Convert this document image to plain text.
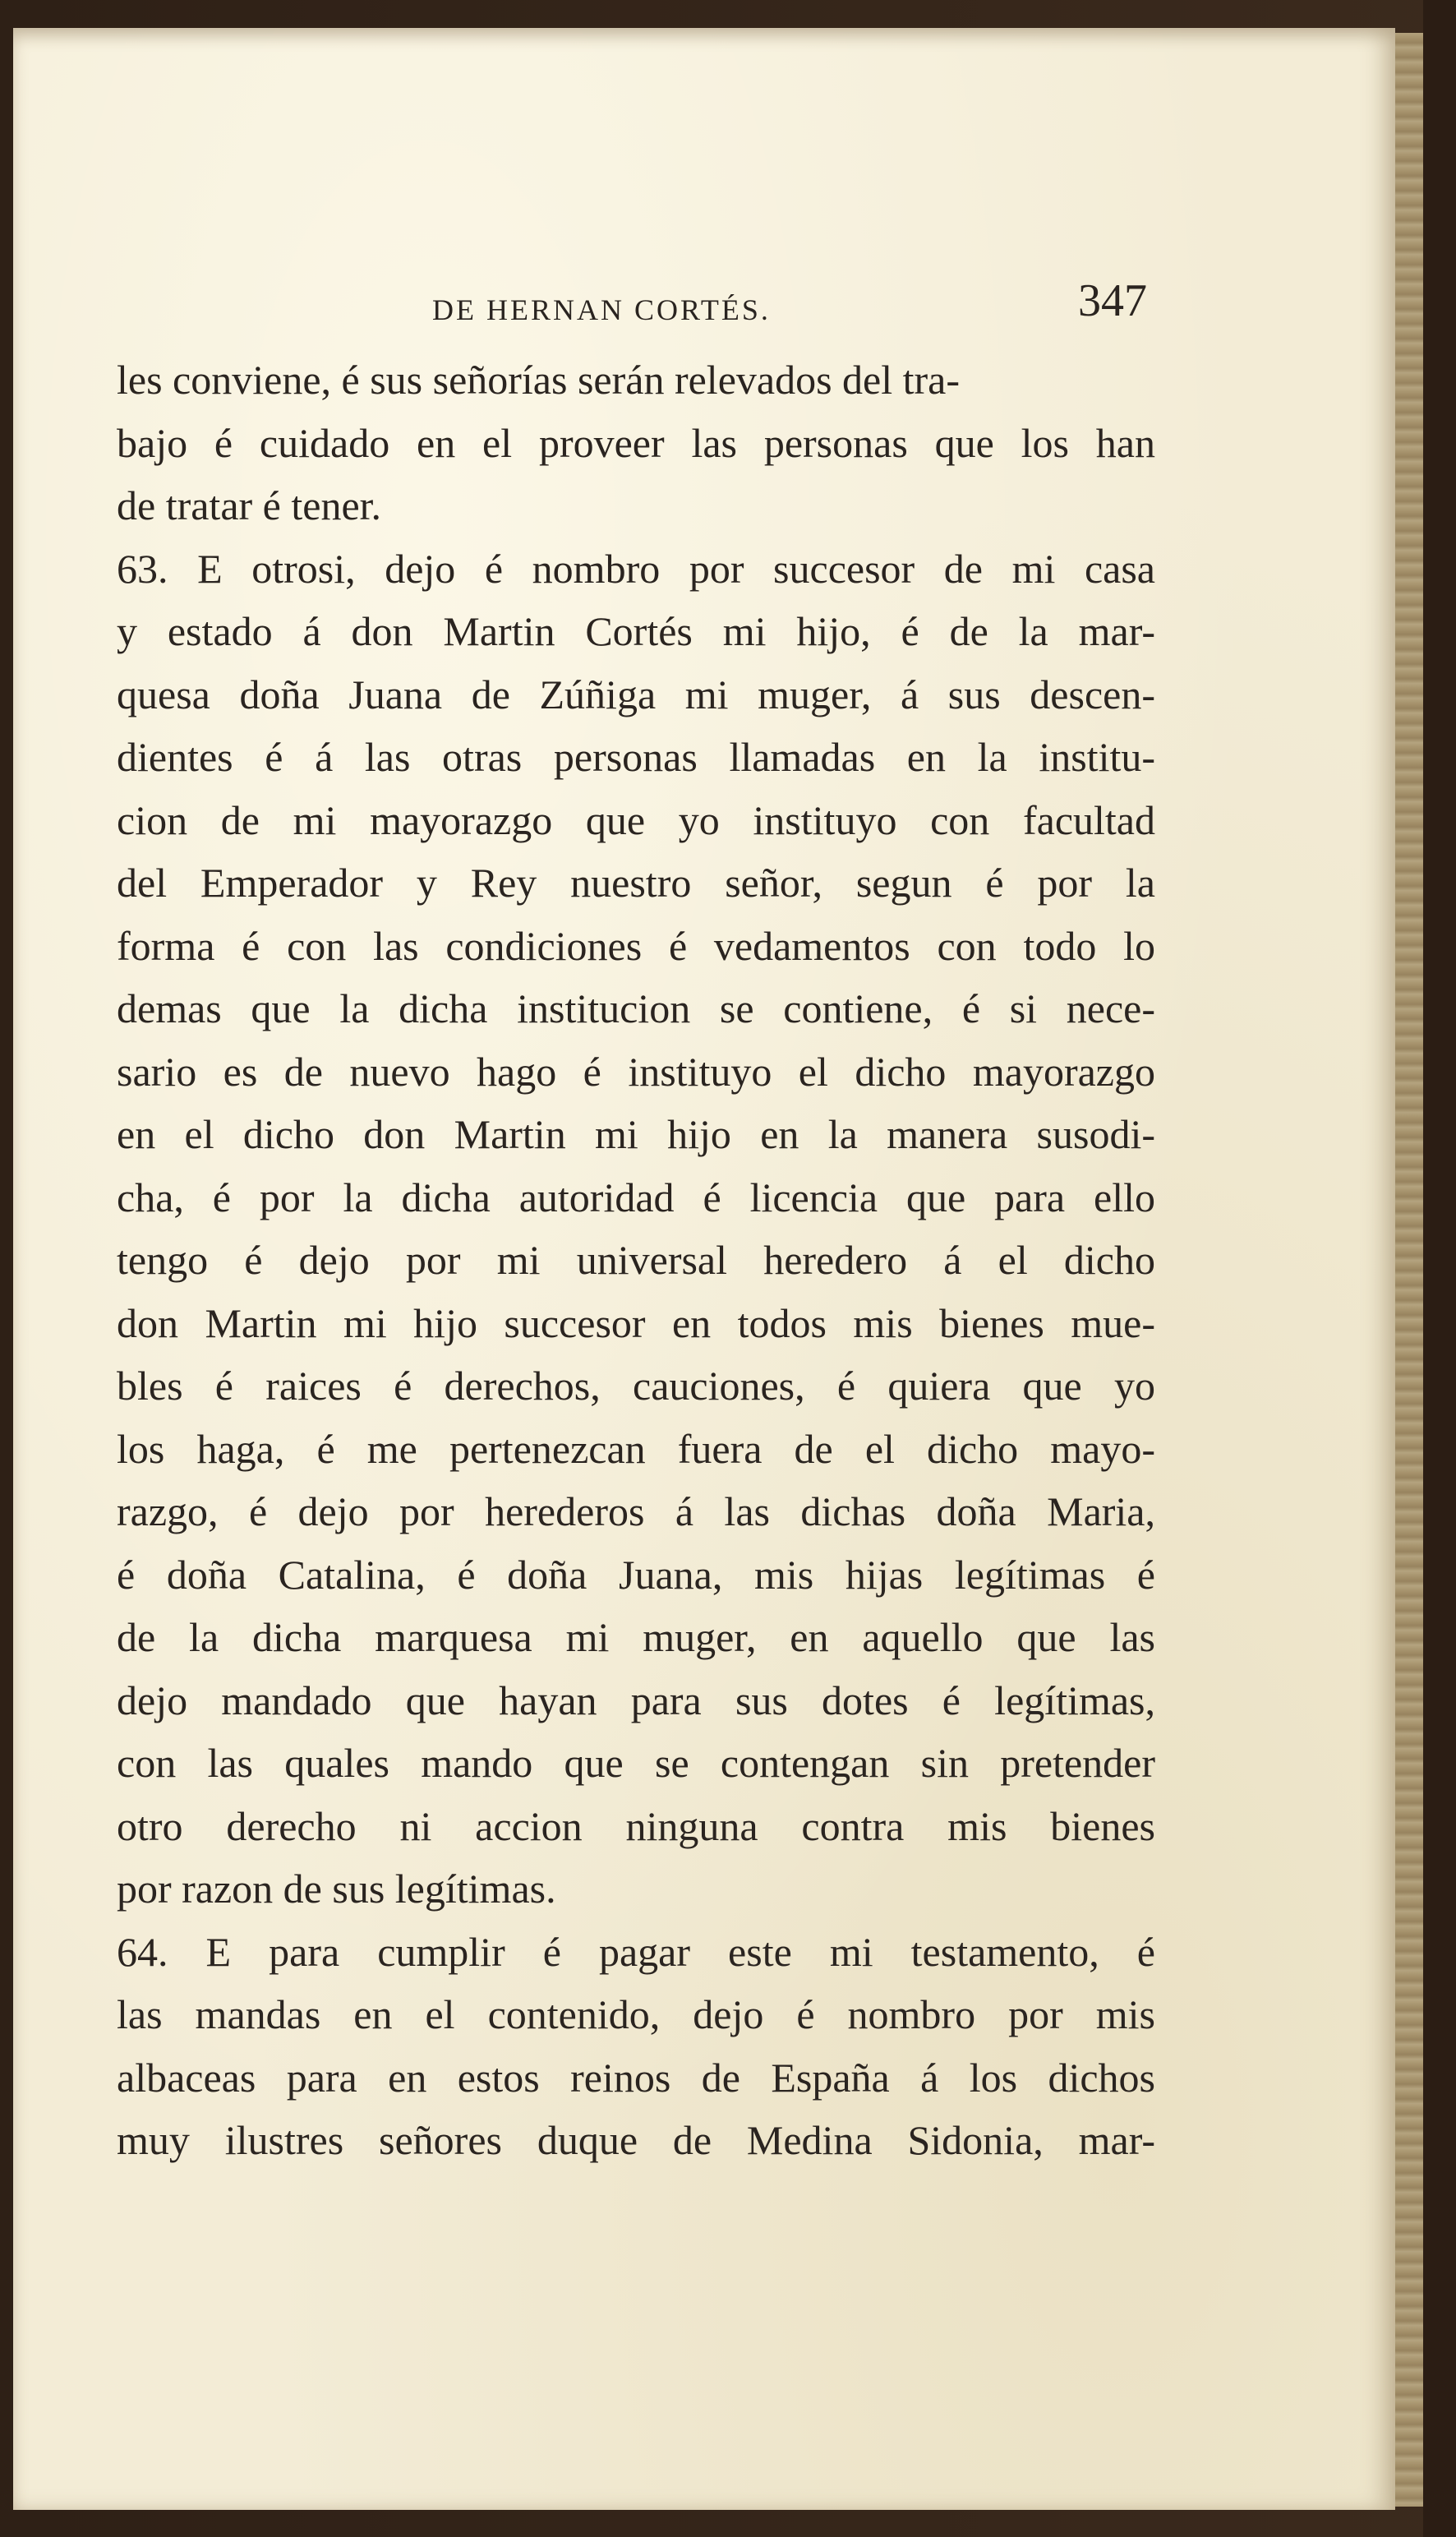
DE HERNAN CORTÉS.	347
les conviene, é sus señorías serán relevados del tra-
bajo é cuidado en el proveer las personas que los han
de tratar é tener.
63. E otrosi, dejo é nombro por succesor de mi casa
y estado á don Martin Cortés mi hijo, é de la mar-
quesa doña Juana de Zúñiga mi muger, á sus descen-
dientes é á las otras personas llamadas en la institu-
cion de mi mayorazgo que yo instituyo con facultad
del Emperador y Rey nuestro señor, segun é por la
forma é con las condiciones é vedamentos con todo lo
demas que la dicha institucion se contiene, é si nece-
sario es de nuevo hago é instituyo el dicho mayorazgo
en el dicho don Martin mi hijo en la manera susodi-
cha, é por la dicha autoridad é licencia que para ello
tengo é dejo por mi universal heredero á el dicho
don Martin mi hijo succesor en todos mis bienes mue-
bles é raices é derechos, cauciones, é quiera que yo
los haga, é me pertenezcan fuera de el dicho mayo-
razgo, é dejo por herederos á las dichas doña Maria,
é doña Catalina, é doña Juana, mis hijas legítimas é
de la dicha marquesa mi muger, en aquello que las
dejo mandado que hayan para sus dotes é legítimas,
con las quales mando que se contengan sin pretender
otro derecho ni accion ninguna contra mis bienes
por razon de sus legítimas.
64. E para cumplir é pagar este mi testamento, é
las mandas en el contenido, dejo é nombro por mis
albaceas para en estos reinos de España á los dichos
muy ilustres señores duque de Medina Sidonia, mar-
